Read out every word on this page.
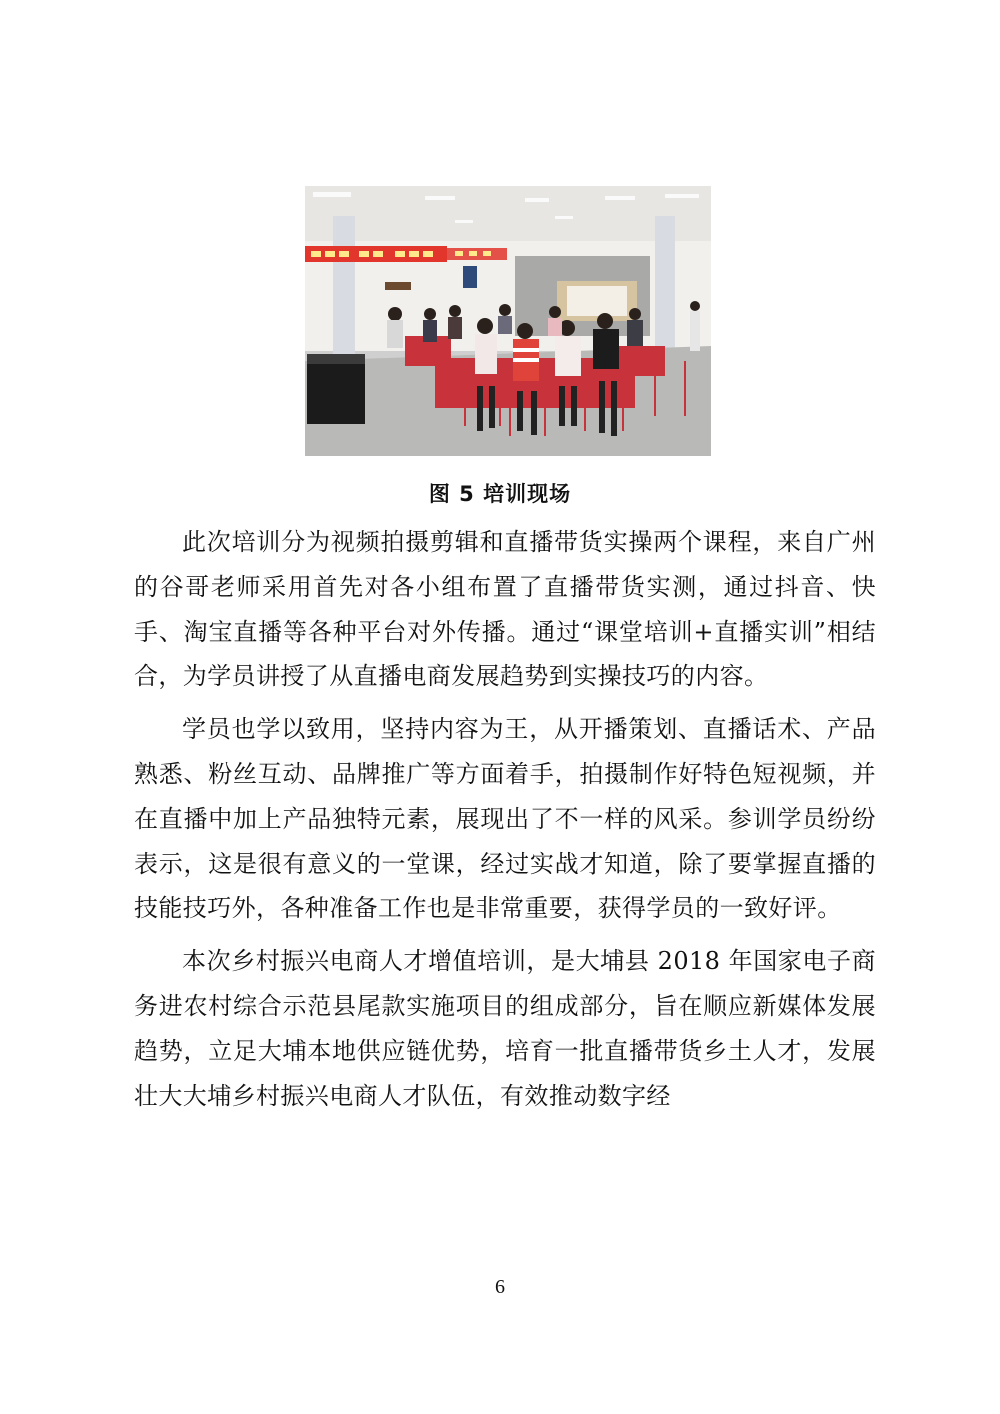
图 5 培训现场

此次培训分为视频拍摄剪辑和直播带货实操两个课程，来自广州的谷哥老师采用首先对各小组布置了直播带货实测，通过抖音、快手、淘宝直播等各种平台对外传播。通过“课堂培训+直播实训”相结合，为学员讲授了从直播电商发展趋势到实操技巧的内容。

学员也学以致用，坚持内容为王，从开播策划、直播话术、产品熟悉、粉丝互动、品牌推广等方面着手，拍摄制作好特色短视频，并在直播中加上产品独特元素，展现出了不一样的风采。参训学员纷纷表示，这是很有意义的一堂课，经过实战才知道，除了要掌握直播的技能技巧外，各种准备工作也是非常重要，获得学员的一致好评。

本次乡村振兴电商人才增值培训，是大埔县 2018 年国家电子商务进农村综合示范县尾款实施项目的组成部分，旨在顺应新媒体发展趋势，立足大埔本地供应链优势，培育一批直播带货乡土人才，发展壮大大埔乡村振兴电商人才队伍，有效推动数字经

6
